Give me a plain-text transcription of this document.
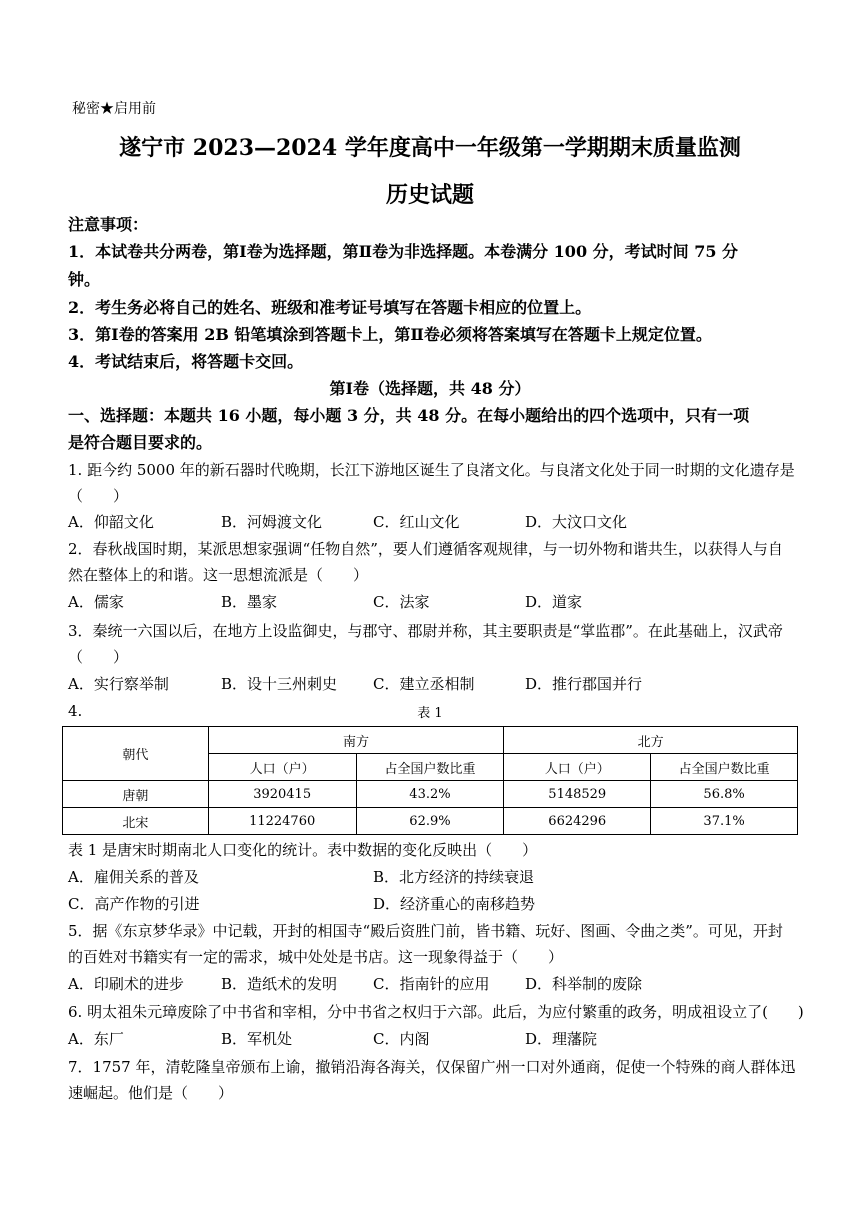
秘密★启用前
遂宁市 2023—2024 学年度高中一年级第一学期期末质量监测
历史试题
注意事项：
1．本试卷共分两卷，第Ⅰ卷为选择题，第Ⅱ卷为非选择题。本卷满分 100 分，考试时间 75 分
钟。
2．考生务必将自己的姓名、班级和准考证号填写在答题卡相应的位置上。
3．第Ⅰ卷的答案用 2B 铅笔填涂到答题卡上，第Ⅱ卷必须将答案填写在答题卡上规定位置。
4．考试结束后，将答题卡交回。
第Ⅰ卷（选择题，共 48 分）
一、选择题：本题共 16 小题，每小题 3 分，共 48 分。在每小题给出的四个选项中，只有一项
是符合题目要求的。
1. 距今约 5000 年的新石器时代晚期，长江下游地区诞生了良渚文化。与良渚文化处于同一时期的文化遗存是
（　　）
A．仰韶文化	B．河姆渡文化	C．红山文化	D．大汶口文化
2．春秋战国时期，某派思想家强调“任物自然”，要人们遵循客观规律，与一切外物和谐共生，以获得人与自
然在整体上的和谐。这一思想流派是（　　）
A．儒家	B．墨家	C．法家	D．道家
3．秦统一六国以后，在地方上设监御史，与郡守、郡尉并称，其主要职责是“掌监郡”。在此基础上，汉武帝
（　　）
A．实行察举制	B．设十三州刺史 C．建立丞相制	D．推行郡国并行
4.	表 1
朝代	南方		北方	
	人口（户）	占全国户数比重	人口（户）	占全国户数比重
唐朝	3920415	43.2%	5148529	56.8%
北宋	11224760	62.9%	6624296	37.1%
表 1 是唐宋时期南北人口变化的统计。表中数据的变化反映出（　　）
A．雇佣关系的普及	B．北方经济的持续衰退
C．高产作物的引进	D．经济重心的南移趋势
5．据《东京梦华录》中记载，开封的相国寺“殿后资胜门前，皆书籍、玩好、图画、令曲之类”。可见，开封
的百姓对书籍实有一定的需求，城中处处是书店。这一现象得益于（　　）
A．印刷术的进步 B．造纸术的发明 C．指南针的应用 D．科举制的废除
6. 明太祖朱元璋废除了中书省和宰相，分中书省之权归于六部。此后，为应付繁重的政务，明成祖设立了(　　)
A．东厂	B．军机处	C．内阁	D．理藩院
7．1757 年，清乾隆皇帝颁布上谕，撤销沿海各海关，仅保留广州一口对外通商，促使一个特殊的商人群体迅
速崛起。他们是（　　）
